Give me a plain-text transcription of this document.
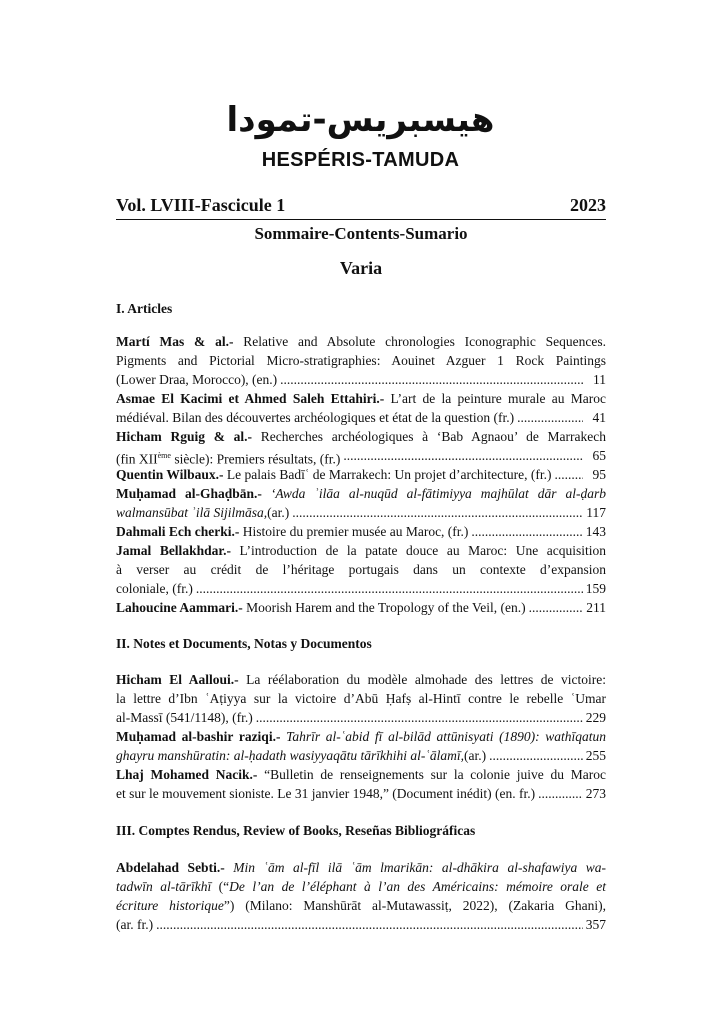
هيسبريس-تمودا
HESPÉRIS-TAMUDA
Vol. LVIII-Fascicule 1	2023
Sommaire-Contents-Sumario
Varia
I. Articles
Martí Mas & al.- Relative and Absolute chronologies Iconographic Sequences.
Pigments and Pictorial Micro-stratigraphies: Aouinet Azguer 1 Rock Paintings
(Lower Draa, Morocco), (en.) .....	11
Asmae El Kacimi et Ahmed Saleh Ettahiri.- L’art de la peinture murale au Maroc
médiéval. Bilan des découvertes archéologiques et état de la question (fr.) .....	41
Hicham Rguig & al.- Recherches archéologiques à ‘Bab Agnaou’ de Marrakech
(fin XIIème siècle): Premiers résultats, (fr.) .....	65
Quentin Wilbaux.-
Le palais Badīʿ de Marrakech: Un projet d’architecture, (fr.) .....	95
Muḥamad al-Ghaḍbān.- ‘Awda ʾilāa al-nuqūd al-fātimiyya majhūlat dār al-ḍarb
walmansūbat ʾilā Sijilmāsa, (ar.) .....	117
Dahmali Ech cherki.-
Histoire du premier musée au Maroc, (fr.) .....	143
Jamal Bellakhdar.- L’introduction de la patate douce au Maroc: Une acquisition
à verser au crédit de l’héritage portugais dans un contexte d’expansion
coloniale, (fr.) .....	159
Lahoucine Aammari.-
Moorish Harem and the Tropology of the Veil, (en.) .....	211
II. Notes et Documents, Notas y Documentos
Hicham El Aalloui.- La réélaboration du modèle almohade des lettres de victoire:
la lettre d’Ibn ʿAṭiyya sur la victoire d’Abū Ḥafṣ al-Hintī contre le rebelle ʿUmar
al-Massī (541/1148), (fr.) .....	229
Muḥamad al-bashir raziqi.- Tahrīr al-ʿabid fī al-bilād attūnisyati (1890): wathīqatun
ghayru manshūratin: al-ḥadath wasiyyaqātu tārīkhihi al-ʿālamī, (ar.) .....	255
Lhaj Mohamed Nacik.- “Bulletin de renseignements sur la colonie juive du Maroc
et sur le mouvement sioniste. Le 31 janvier 1948,” (Document inédit) (en. fr.) .....	273
III. Comptes Rendus, Review of Books, Reseñas Bibliográficas
Abdelahad Sebti.- Min ʿām al-fīl ilā ʿām lmarikān: al-dhākira al-shafawiya wa-
tadwīn al-tārīkhī (“De l’an de l’éléphant à l’an des Américains: mémoire orale et
écriture historique”) (Milano: Manshūrāt al-Mutawassiṭ, 2022), (Zakaria Ghani),
(ar. fr.) .....	357
